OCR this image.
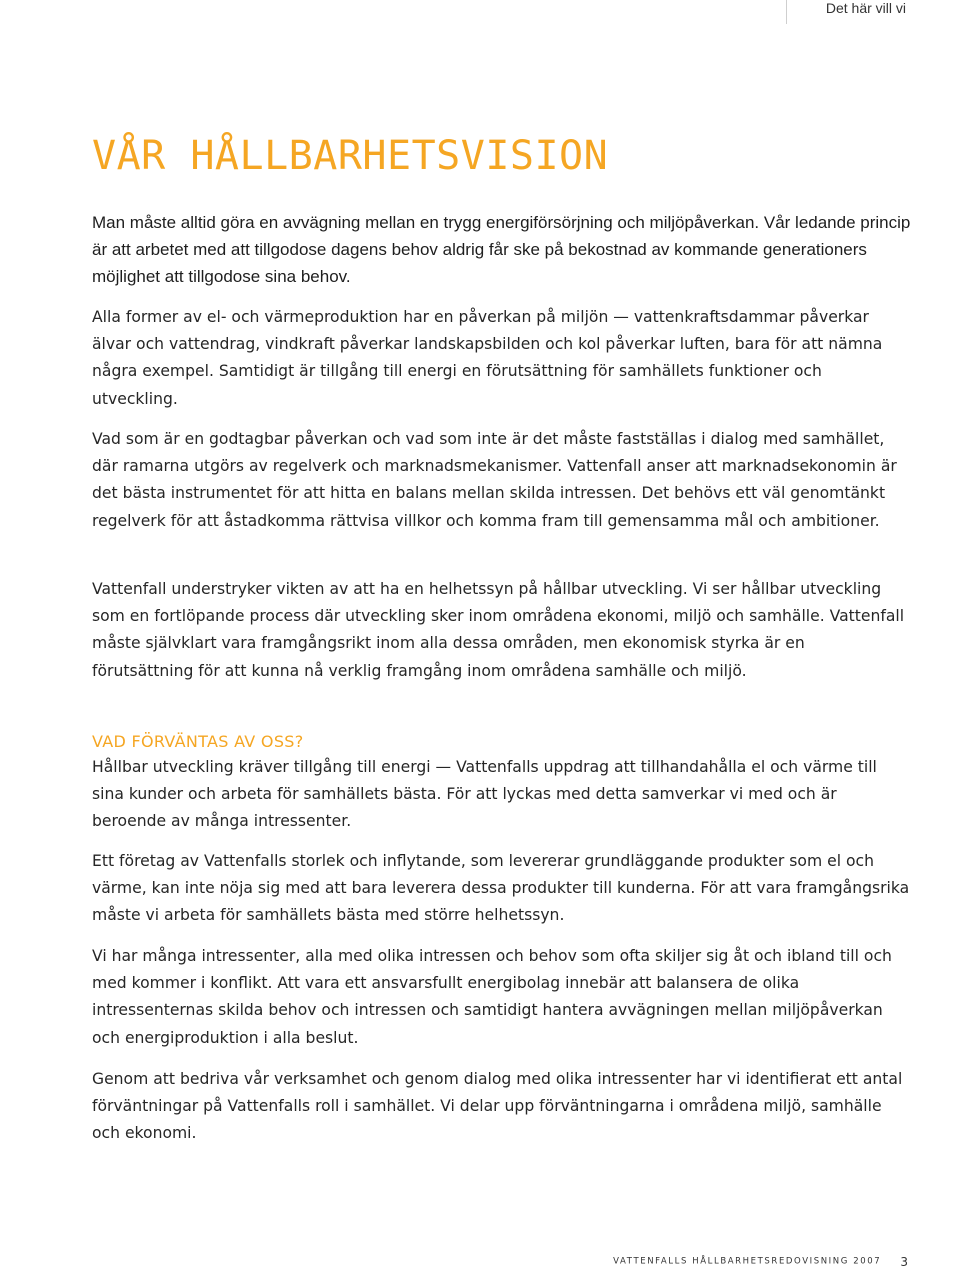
Det här vill vi
VÅR HÅLLBARHETSVISION

Man måste alltid göra en avvägning mellan en trygg energiförsörjning och miljöpåverkan. Vår ledande princip är att arbetet med att tillgodose dagens behov aldrig får ske på bekostnad av kommande generationers möjlighet att tillgodose sina behov.

Alla former av el- och värmeproduktion har en påverkan på miljön — vattenkraftsdammar påverkar älvar och vattendrag, vindkraft påverkar landskapsbilden och kol påverkar luften, bara för att nämna några exempel. Samtidigt är tillgång till energi en förutsättning för samhällets funktioner och utveckling.

Vad som är en godtagbar påverkan och vad som inte är det måste fastställas i dialog med samhället, där ramarna utgörs av regelverk och marknadsmekanismer. Vattenfall anser att marknadsekonomin är det bästa instrumentet för att hitta en balans mellan skilda intressen. Det behövs ett väl genomtänkt regelverk för att åstadkomma rättvisa villkor och komma fram till gemensamma mål och ambitioner.

Vattenfall understryker vikten av att ha en helhetssyn på hållbar utveckling. Vi ser hållbar utveckling som en fortlöpande process där utveckling sker inom områdena ekonomi, miljö och samhälle. Vattenfall måste självklart vara framgångsrikt inom alla dessa områden, men ekonomisk styrka är en förutsättning för att kunna nå verklig framgång inom områdena samhälle och miljö.

VAD FÖRVÄNTAS AV OSS?

Hållbar utveckling kräver tillgång till energi — Vattenfalls uppdrag att tillhandahålla el och värme till sina kunder och arbeta för samhällets bästa. För att lyckas med detta samverkar vi med och är beroende av många intressenter.

Ett företag av Vattenfalls storlek och inflytande, som levererar grundläggande produkter som el och värme, kan inte nöja sig med att bara leverera dessa produkter till kunderna. För att vara framgångsrika måste vi arbeta för samhällets bästa med större helhetssyn.

Vi har många intressenter, alla med olika intressen och behov som ofta skiljer sig åt och ibland till och med kommer i konflikt. Att vara ett ansvarsfullt energibolag innebär att balansera de olika intressenternas skilda behov och intressen och samtidigt hantera avvägningen mellan miljöpåverkan och energiproduktion i alla beslut.

Genom att bedriva vår verksamhet och genom dialog med olika intressenter har vi identifierat ett antal förväntningar på Vattenfalls roll i samhället. Vi delar upp förväntningarna i områdena miljö, samhälle och ekonomi.

VATTENFALLS HÅLLBARHETSREDOVISNING 2007 3
